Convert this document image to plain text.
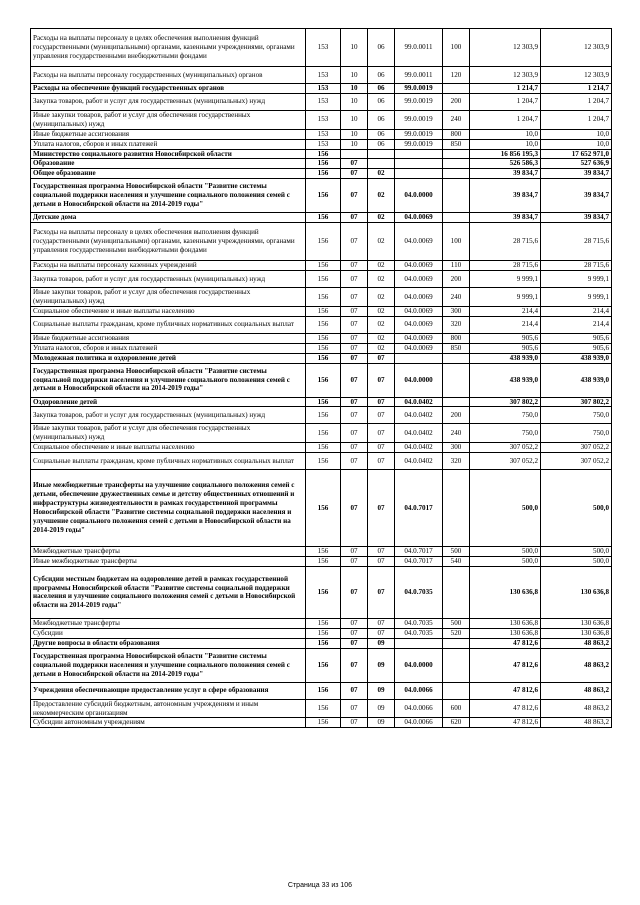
Расходы на выплаты персоналу в целях обеспечения выполнения функций государственными (муниципальными) органами, казенными учреждениями, органами управления государственными внебюджетными фондами	153	10	06	99.0.0011	100	12 303,9	12 303,9
Расходы на выплаты персоналу государственных (муниципальных) органов	153	10	06	99.0.0011	120	12 303,9	12 303,9
Расходы на обеспечение функций государственных органов	153	10	06	99.0.0019		1 214,7	1 214,7
Закупка товаров, работ и услуг для государственных (муниципальных) нужд	153	10	06	99.0.0019	200	1 204,7	1 204,7
Иные закупки товаров, работ и услуг для обеспечения государственных (муниципальных) нужд	153	10	06	99.0.0019	240	1 204,7	1 204,7
Иные бюджетные ассигнования	153	10	06	99.0.0019	800	10,0	10,0
Уплата налогов, сборов и иных платежей	153	10	06	99.0.0019	850	10,0	10,0
Министерство социального развития Новосибирской области	156					16 856 195,3	17 652 971,0
Образование	156	07				526 586,3	527 636,9
Общее образование	156	07	02			39 834,7	39 834,7
Государственная программа Новосибирской области "Развитие системы социальной поддержки населения и улучшение социального положения семей с детьми в Новосибирской области на 2014-2019 годы"	156	07	02	04.0.0000		39 834,7	39 834,7
Детские дома	156	07	02	04.0.0069		39 834,7	39 834,7
Расходы на выплаты персоналу в целях обеспечения выполнения функций государственными (муниципальными) органами, казенными учреждениями, органами управления государственными внебюджетными фондами	156	07	02	04.0.0069	100	28 715,6	28 715,6
Расходы на выплаты персоналу казенных учреждений	156	07	02	04.0.0069	110	28 715,6	28 715,6
Закупка товаров, работ и услуг для государственных (муниципальных) нужд	156	07	02	04.0.0069	200	9 999,1	9 999,1
Иные закупки товаров, работ и услуг для обеспечения государственных (муниципальных) нужд	156	07	02	04.0.0069	240	9 999,1	9 999,1
Социальное обеспечение и иные выплаты населению	156	07	02	04.0.0069	300	214,4	214,4
Социальные выплаты гражданам, кроме публичных нормативных социальных выплат	156	07	02	04.0.0069	320	214,4	214,4
Иные бюджетные ассигнования	156	07	02	04.0.0069	800	905,6	905,6
Уплата налогов, сборов и иных платежей	156	07	02	04.0.0069	850	905,6	905,6
Молодежная политика и оздоровление детей	156	07	07			438 939,0	438 939,0
Государственная программа Новосибирской области "Развитие системы социальной поддержки населения и улучшение социального положения семей с детьми в Новосибирской области на 2014-2019 годы"	156	07	07	04.0.0000		438 939,0	438 939,0
Оздоровление детей	156	07	07	04.0.0402		307 802,2	307 802,2
Закупка товаров, работ и услуг для государственных (муниципальных) нужд	156	07	07	04.0.0402	200	750,0	750,0
Иные закупки товаров, работ и услуг для обеспечения государственных (муниципальных) нужд	156	07	07	04.0.0402	240	750,0	750,0
Социальное обеспечение и иные выплаты населению	156	07	07	04.0.0402	300	307 052,2	307 052,2
Социальные выплаты гражданам, кроме публичных нормативных социальных выплат	156	07	07	04.0.0402	320	307 052,2	307 052,2
Иные межбюджетные трансферты на улучшение социального положения семей с детьми, обеспечение дружественных семье и детству общественных отношений и инфраструктуры жизнедеятельности в рамках государственной программы Новосибирской области "Развитие системы социальной поддержки населения и улучшение социального положения семей с детьми в Новосибирской области на 2014-2019 годы"	156	07	07	04.0.7017		500,0	500,0
Межбюджетные трансферты	156	07	07	04.0.7017	500	500,0	500,0
Иные межбюджетные трансферты	156	07	07	04.0.7017	540	500,0	500,0
Субсидии местным бюджетам на оздоровление детей в рамках государственной программы Новосибирской области "Развитие системы социальной поддержки населения и улучшение социального положения семей с детьми в Новосибирской области на 2014-2019 годы"	156	07	07	04.0.7035		130 636,8	130 636,8
Межбюджетные трансферты	156	07	07	04.0.7035	500	130 636,8	130 636,8
Субсидии	156	07	07	04.0.7035	520	130 636,8	130 636,8
Другие вопросы в области образования	156	07	09			47 812,6	48 863,2
Государственная программа Новосибирской области "Развитие системы социальной поддержки населения и улучшение социального положения семей с детьми в Новосибирской области на 2014-2019 годы"	156	07	09	04.0.0000		47 812,6	48 863,2
Учреждения обеспечивающие предоставление услуг в сфере образования	156	07	09	04.0.0066		47 812,6	48 863,2
Предоставление субсидий бюджетным, автономным учреждениям и иным некоммерческим организациям	156	07	09	04.0.0066	600	47 812,6	48 863,2
Субсидии автономным учреждениям	156	07	09	04.0.0066	620	47 812,6	48 863,2
Страница 33 из 106
